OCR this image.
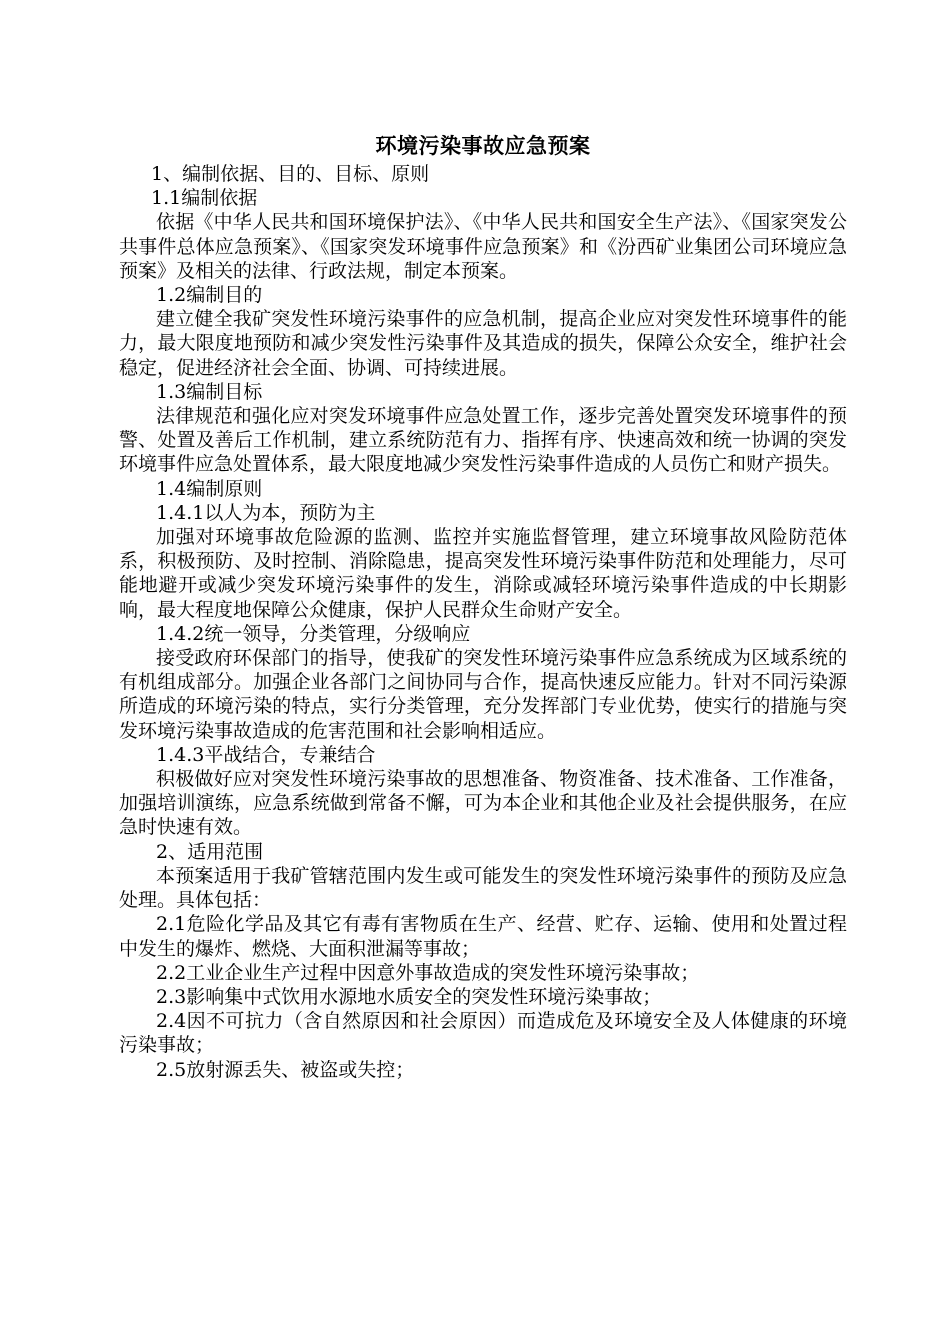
环境污染事故应急预案
1、编制依据、目的、目标、原则
1.1编制依据
依据《中华人民共和国环境保护法》、《中华人民共和国安全生产法》、《国家突发公共事件总体应急预案》、《国家突发环境事件应急预案》和《汾西矿业集团公司环境应急预案》及相关的法律、行政法规，制定本预案。
1.2编制目的
建立健全我矿突发性环境污染事件的应急机制，提高企业应对突发性环境事件的能力，最大限度地预防和减少突发性污染事件及其造成的损失，保障公众安全，维护社会稳定，促进经济社会全面、协调、可持续进展。
1.3编制目标
法律规范和强化应对突发环境事件应急处置工作，逐步完善处置突发环境事件的预警、处置及善后工作机制，建立系统防范有力、指挥有序、快速高效和统一协调的突发环境事件应急处置体系，最大限度地减少突发性污染事件造成的人员伤亡和财产损失。
1.4编制原则
1.4.1以人为本，预防为主
加强对环境事故危险源的监测、监控并实施监督管理，建立环境事故风险防范体系，积极预防、及时控制、消除隐患，提高突发性环境污染事件防范和处理能力，尽可能地避开或减少突发环境污染事件的发生，消除或减轻环境污染事件造成的中长期影响，最大程度地保障公众健康，保护人民群众生命财产安全。
1.4.2统一领导，分类管理，分级响应
接受政府环保部门的指导，使我矿的突发性环境污染事件应急系统成为区域系统的有机组成部分。加强企业各部门之间协同与合作，提高快速反应能力。针对不同污染源所造成的环境污染的特点，实行分类管理，充分发挥部门专业优势，使实行的措施与突发环境污染事故造成的危害范围和社会影响相适应。
1.4.3平战结合，专兼结合
积极做好应对突发性环境污染事故的思想准备、物资准备、技术准备、工作准备，加强培训演练，应急系统做到常备不懈，可为本企业和其他企业及社会提供服务，在应急时快速有效。
2、适用范围
本预案适用于我矿管辖范围内发生或可能发生的突发性环境污染事件的预防及应急处理。具体包括：
2.1危险化学品及其它有毒有害物质在生产、经营、贮存、运输、使用和处置过程中发生的爆炸、燃烧、大面积泄漏等事故；
2.2工业企业生产过程中因意外事故造成的突发性环境污染事故；
2.3影响集中式饮用水源地水质安全的突发性环境污染事故；
2.4因不可抗力（含自然原因和社会原因）而造成危及环境安全及人体健康的环境污染事故；
2.5放射源丢失、被盗或失控；
